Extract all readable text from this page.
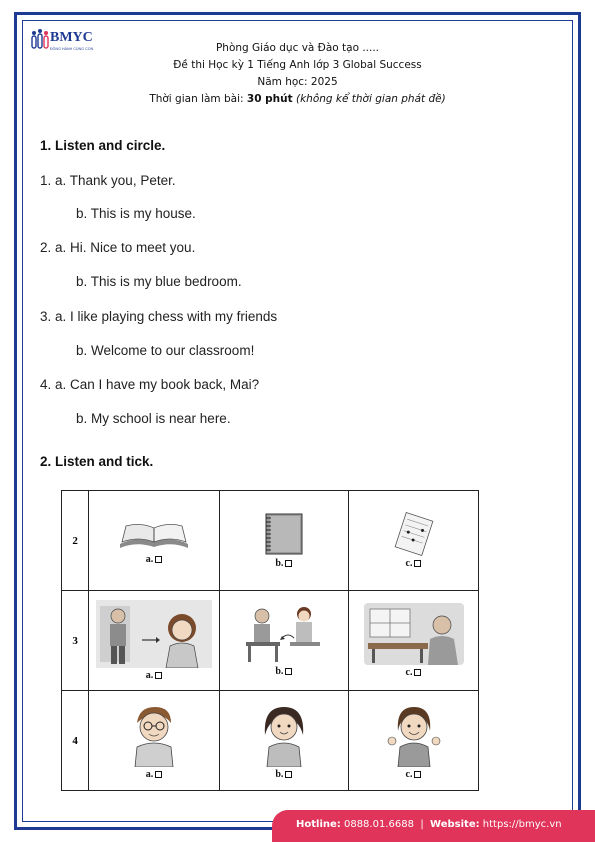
BMYC
ĐỒNG HÀNH CÙNG CON	Phòng Giáo dục và Đào tạo .....
Đề thi Học kỳ 1 Tiếng Anh lớp 3 Global Success
Năm học: 2025
Thời gian làm bài: 30 phút (không kể thời gian phát đề)
1. Listen and circle.
1. a. Thank you, Peter.
b. This is my house.
2. a. Hi. Nice to meet you.
b. This is my blue bedroom.
3. a. I like playing chess with my friends
b. Welcome to our classroom!
4. a. Can I have my book back, Mai?
b. My school is near here.
2. Listen and tick.
2	a.	b.	c.

3	a.	b.	c.

4	a.	b.	c.
Hotline: 0888.01.6688 | Website: https://bmyc.vn
